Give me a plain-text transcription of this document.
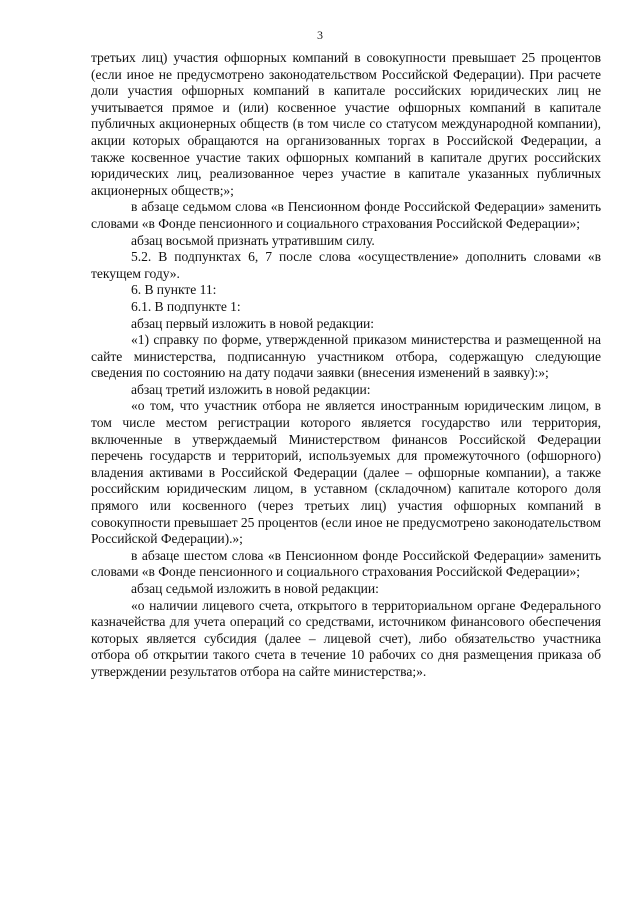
3

третьих лиц) участия офшорных компаний в совокупности превышает 25 процентов (если иное не предусмотрено законодательством Российской Федерации). При расчете доли участия офшорных компаний в капитале российских юридических лиц не учитывается прямое и (или) косвенное участие офшорных компаний в капитале публичных акционерных обществ (в том числе со статусом международной компании), акции которых обращаются на организованных торгах в Российской Федерации, а также косвенное участие таких офшорных компаний в капитале других российских юридических лиц, реализованное через участие в капитале указанных публичных акционерных обществ;»;

в абзаце седьмом слова «в Пенсионном фонде Российской Федерации» заменить словами «в Фонде пенсионного и социального страхования Российской Федерации»;

абзац восьмой признать утратившим силу.

5.2. В подпунктах 6, 7 после слова «осуществление» дополнить словами «в текущем году».

6. В пункте 11:

6.1. В подпункте 1:

абзац первый изложить в новой редакции:

«1) справку по форме, утвержденной приказом министерства и размещенной на сайте министерства, подписанную участником отбора, содержащую следующие сведения по состоянию на дату подачи заявки (внесения изменений в заявку):»;

абзац третий изложить в новой редакции:

«о том, что участник отбора не является иностранным юридическим лицом, в том числе местом регистрации которого является государство или территория, включенные в утверждаемый Министерством финансов Российской Федерации перечень государств и территорий, используемых для промежуточного (офшорного) владения активами в Российской Федерации (далее – офшорные компании), а также российским юридическим лицом, в уставном (складочном) капитале которого доля прямого или косвенного (через третьих лиц) участия офшорных компаний в совокупности превышает 25 процентов (если иное не предусмотрено законодательством Российской Федерации).»;

в абзаце шестом слова «в Пенсионном фонде Российской Федерации» заменить словами «в Фонде пенсионного и социального страхования Российской Федерации»;

абзац седьмой изложить в новой редакции:

«о наличии лицевого счета, открытого в территориальном органе Федерального казначейства для учета операций со средствами, источником финансового обеспечения которых является субсидия (далее – лицевой счет), либо обязательство участника отбора об открытии такого счета в течение 10 рабочих со дня размещения приказа об утверждении результатов отбора на сайте министерства;».
